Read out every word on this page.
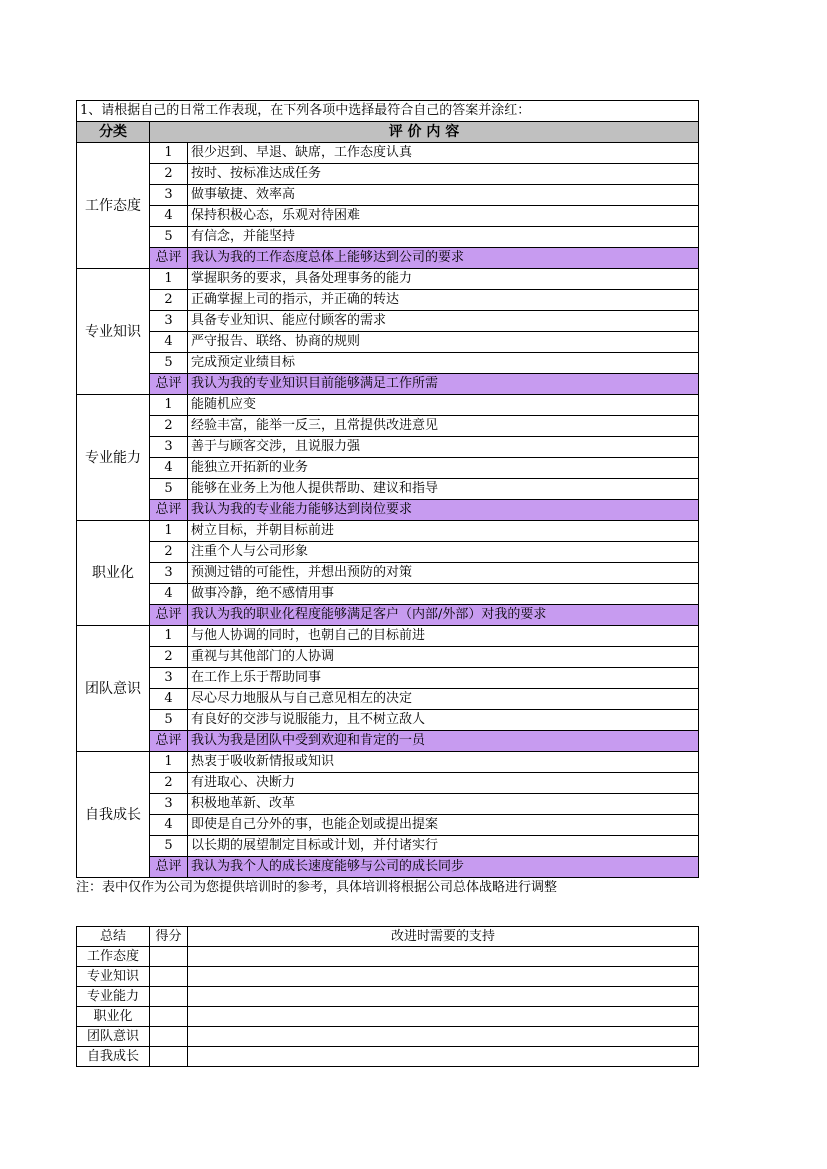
1、请根据自己的日常工作表现，在下列各项中选择最符合自己的答案并涂红：		
分类	评 价 内 容	
工作态度	1	很少迟到、早退、缺席，工作态度认真
	2	按时、按标准达成任务
	3	做事敏捷、效率高
	4	保持积极心态，乐观对待困难
	5	有信念，并能坚持
	总评	我认为我的工作态度总体上能够达到公司的要求
专业知识	1	掌握职务的要求，具备处理事务的能力
	2	正确掌握上司的指示，并正确的转达
	3	具备专业知识、能应付顾客的需求
	4	严守报告、联络、协商的规则
	5	完成预定业绩目标
	总评	我认为我的专业知识目前能够满足工作所需
专业能力	1	能随机应变
	2	经验丰富，能举一反三，且常提供改进意见
	3	善于与顾客交涉，且说服力强
	4	能独立开拓新的业务
	5	能够在业务上为他人提供帮助、建议和指导
	总评	我认为我的专业能力能够达到岗位要求
职业化	1	树立目标，并朝目标前进
	2	注重个人与公司形象
	3	预测过错的可能性，并想出预防的对策
	4	做事冷静，绝不感情用事
	总评	我认为我的职业化程度能够满足客户（内部/外部）对我的要求
团队意识	1	与他人协调的同时，也朝自己的目标前进
	2	重视与其他部门的人协调
	3	在工作上乐于帮助同事
	4	尽心尽力地服从与自己意见相左的决定
	5	有良好的交涉与说服能力，且不树立敌人
	总评	我认为我是团队中受到欢迎和肯定的一员
自我成长	1	热衷于吸收新情报或知识
	2	有进取心、决断力
	3	积极地革新、改革
	4	即使是自己分外的事，也能企划或提出提案
	5	以长期的展望制定目标或计划，并付诸实行
	总评	我认为我个人的成长速度能够与公司的成长同步
注：表中仅作为公司为您提供培训时的参考，具体培训将根据公司总体战略进行调整
总结	得分	改进时需要的支持
工作态度		
专业知识		
专业能力		
职业化		
团队意识		
自我成长		
